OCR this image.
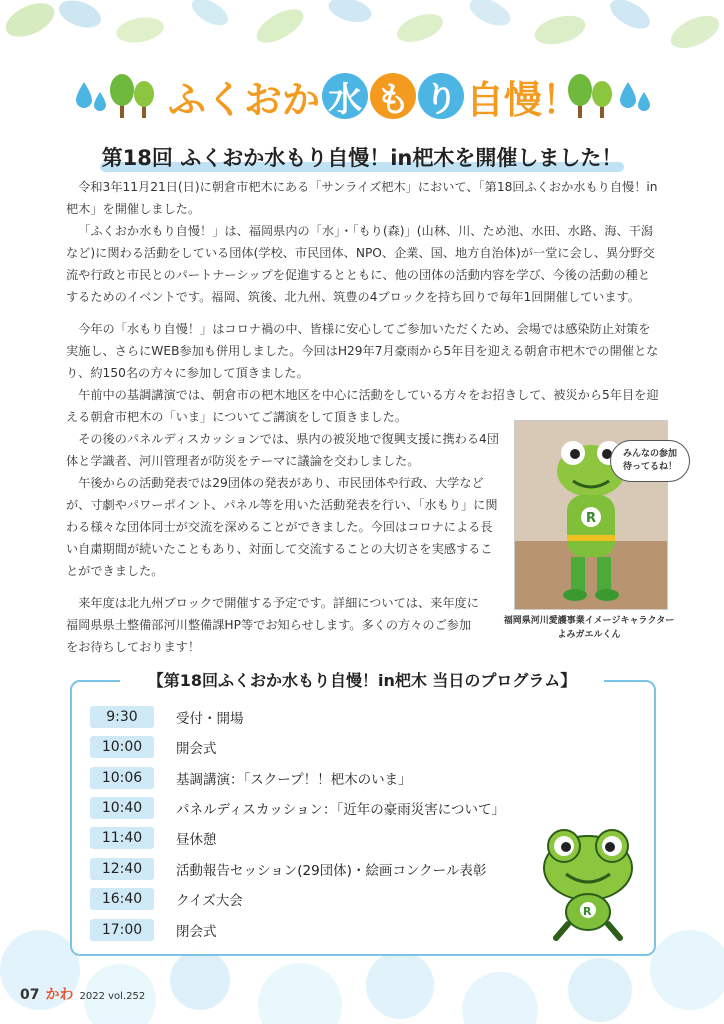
ふくおか 水 も り 自慢！
第18回 ふくおか水もり自慢！in杷木を開催しました！

令和3年11月21日(日)に朝倉市杷木にある「サンライズ杷木」において、「第18回ふくおか水もり自慢！in杷木」を開催しました。

「ふくおか水もり自慢！」は、福岡県内の「水」・「もり(森)」(山林、川、ため池、水田、水路、海、干潟など)に関わる活動をしている団体(学校、市民団体、NPO、企業、国、地方自治体)が一堂に会し、異分野交流や行政と市民とのパートナーシップを促進するとともに、他の団体の活動内容を学び、今後の活動の種とするためのイベントです。福岡、筑後、北九州、筑豊の4ブロックを持ち回りで毎年1回開催しています。

今年の「水もり自慢！」はコロナ禍の中、皆様に安心してご参加いただくため、会場では感染防止対策を実施し、さらにWEB参加も併用しました。今回はH29年7月豪雨から5年目を迎える朝倉市杷木での開催となり、約150名の方々に参加して頂きました。

午前中の基調講演では、朝倉市の杷木地区を中心に活動をしている方々をお招きして、被災から5年目を迎える朝倉市杷木の「いま」についてご講演をして頂きました。

その後のパネルディスカッションでは、県内の被災地で復興支援に携わる4団体と学識者、河川管理者が防災をテーマに議論を交わしました。

午後からの活動発表では29団体の発表があり、市民団体や行政、大学などが、寸劇やパワーポイント、パネル等を用いた活動発表を行い、「水もり」に関わる様々な団体同士が交流を深めることができました。今回はコロナによる長い自粛期間が続いたこともあり、対面して交流することの大切さを実感することができました。

来年度は北九州ブロックで開催する予定です。詳細については、来年度に福岡県県土整備部河川整備課HP等でお知らせします。多くの方々のご参加をお待ちしております！

R
みんなの参加
待ってるね！
福岡県河川愛護事業イメージキャラクター
よみガエルくん
【第18回ふくおか水もり自慢！in杷木 当日のプログラム】
9:30	受付・開場
10:00	開会式
10:06	基調講演：「スクープ！！杷木のいま」
10:40	パネルディスカッション：「近年の豪雨災害について」
11:40	昼休憩
12:40	活動報告セッション(29団体)・絵画コンクール表彰
16:40	クイズ大会
17:00	閉会式
R
07 かわ 2022 vol.252
